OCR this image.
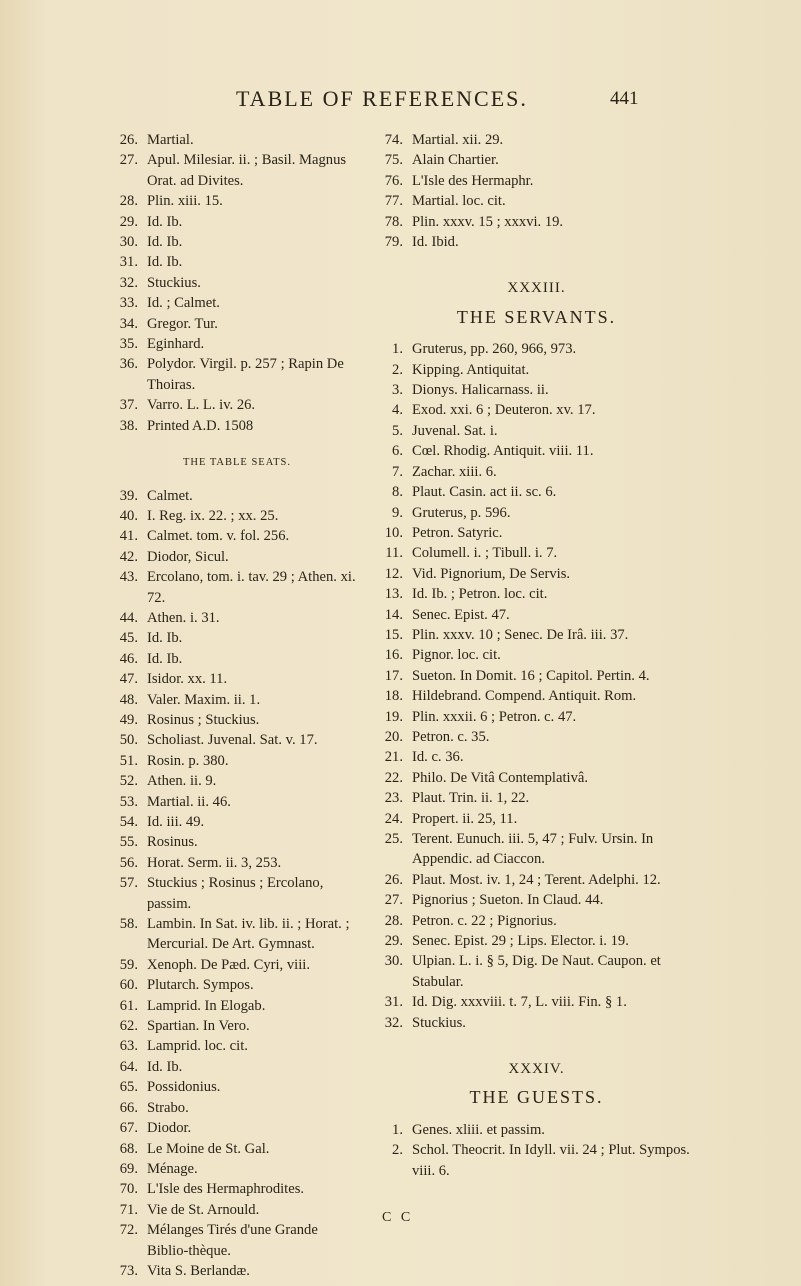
TABLE OF REFERENCES.	441
26. Martial.
27. Apul. Milesiar. ii. ; Basil. Magnus Orat. ad Divites.
28. Plin. xiii. 15.
29. Id. Ib.
30. Id. Ib.
31. Id. Ib.
32. Stuckius.
33. Id. ; Calmet.
34. Gregor. Tur.
35. Eginhard.
36. Polydor. Virgil. p. 257 ; Rapin De Thoiras.
37. Varro. L. L. iv. 26.
38. Printed A.D. 1508
THE TABLE SEATS.
39. Calmet.
40. I. Reg. ix. 22. ; xx. 25.
41. Calmet. tom. v. fol. 256.
42. Diodor, Sicul.
43. Ercolano, tom. i. tav. 29 ; Athen. xi. 72.
44. Athen. i. 31.
45. Id. Ib.
46. Id. Ib.
47. Isidor. xx. 11.
48. Valer. Maxim. ii. 1.
49. Rosinus ; Stuckius.
50. Scholiast. Juvenal. Sat. v. 17.
51. Rosin. p. 380.
52. Athen. ii. 9.
53. Martial. ii. 46.
54. Id. iii. 49.
55. Rosinus.
56. Horat. Serm. ii. 3, 253.
57. Stuckius ; Rosinus ; Ercolano, passim.
58. Lambin. In Sat. iv. lib. ii. ; Horat. ; Mercurial. De Art. Gymnast.
59. Xenoph. De Pæd. Cyri, viii.
60. Plutarch. Sympos.
61. Lamprid. In Elogab.
62. Spartian. In Vero.
63. Lamprid. loc. cit.
64. Id. Ib.
65. Possidonius.
66. Strabo.
67. Diodor.
68. Le Moine de St. Gal.
69. Ménage.
70. L'Isle des Hermaphrodites.
71. Vie de St. Arnould.
72. Mélanges Tirés d'une Grande Biblio-thèque.
73. Vita S. Berlandæ.
74. Martial. xii. 29.
75. Alain Chartier.
76. L'Isle des Hermaphr.
77. Martial. loc. cit.
78. Plin. xxxv. 15 ; xxxvi. 19.
79. Id. Ibid.
XXXIII.
THE SERVANTS.
1. Gruterus, pp. 260, 966, 973.
2. Kipping. Antiquitat.
3. Dionys. Halicarnass. ii.
4. Exod. xxi. 6 ; Deuteron. xv. 17.
5. Juvenal. Sat. i.
6. Cœl. Rhodig. Antiquit. viii. 11.
7. Zachar. xiii. 6.
8. Plaut. Casin. act ii. sc. 6.
9. Gruterus, p. 596.
10. Petron. Satyric.
11. Columell. i. ; Tibull. i. 7.
12. Vid. Pignorium, De Servis.
13. Id. Ib. ; Petron. loc. cit.
14. Senec. Epist. 47.
15. Plin. xxxv. 10 ; Senec. De Irâ. iii. 37.
16. Pignor. loc. cit.
17. Sueton. In Domit. 16 ; Capitol. Pertin. 4.
18. Hildebrand. Compend. Antiquit. Rom.
19. Plin. xxxii. 6 ; Petron. c. 47.
20. Petron. c. 35.
21. Id. c. 36.
22. Philo. De Vitâ Contemplativâ.
23. Plaut. Trin. ii. 1, 22.
24. Propert. ii. 25, 11.
25. Terent. Eunuch. iii. 5, 47 ; Fulv. Ursin. In Appendic. ad Ciaccon.
26. Plaut. Most. iv. 1, 24 ; Terent. Adelphi. 12.
27. Pignorius ; Sueton. In Claud. 44.
28. Petron. c. 22 ; Pignorius.
29. Senec. Epist. 29 ; Lips. Elector. i. 19.
30. Ulpian. L. i. § 5, Dig. De Naut. Caupon. et Stabular.
31. Id. Dig. xxxviii. t. 7, L. viii. Fin. § 1.
32. Stuckius.
XXXIV.
THE GUESTS.
1. Genes. xliii. et passim.
2. Schol. Theocrit. In Idyll. vii. 24 ; Plut. Sympos. viii. 6.
C C
